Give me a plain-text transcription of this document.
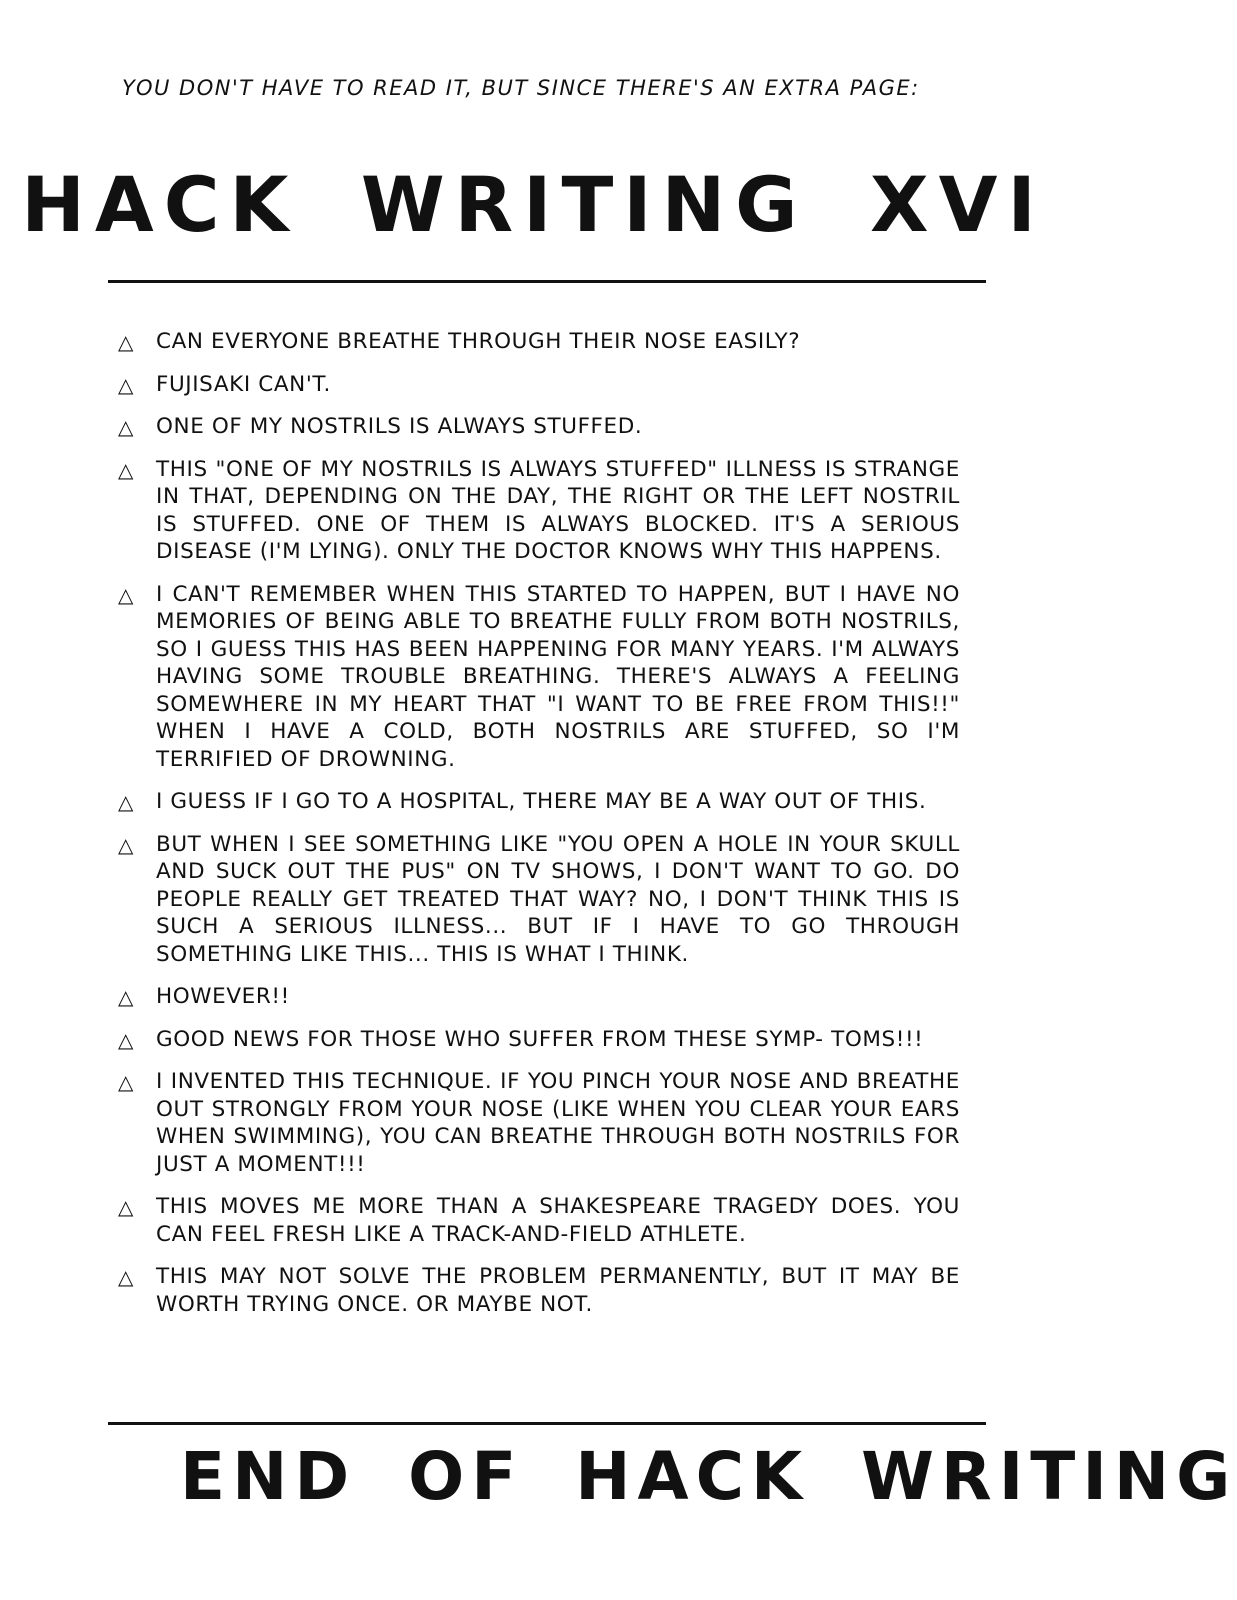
YOU DON'T HAVE TO READ IT, BUT SINCE THERE'S AN EXTRA PAGE:
HACK WRITING XVI
△ CAN EVERYONE BREATHE THROUGH THEIR NOSE EASILY?
△ FUJISAKI CAN'T.
△ ONE OF MY NOSTRILS IS ALWAYS STUFFED.
△ THIS "ONE OF MY NOSTRILS IS ALWAYS STUFFED" ILLNESS IS STRANGE IN THAT, DEPENDING ON THE DAY, THE RIGHT OR THE LEFT NOSTRIL IS STUFFED. ONE OF THEM IS ALWAYS BLOCKED. IT'S A SERIOUS DISEASE (I'M LYING). ONLY THE DOCTOR KNOWS WHY THIS HAPPENS.
△ I CAN'T REMEMBER WHEN THIS STARTED TO HAPPEN, BUT I HAVE NO MEMORIES OF BEING ABLE TO BREATHE FULLY FROM BOTH NOSTRILS, SO I GUESS THIS HAS BEEN HAPPENING FOR MANY YEARS. I'M ALWAYS HAVING SOME TROUBLE BREATHING. THERE'S ALWAYS A FEELING SOMEWHERE IN MY HEART THAT "I WANT TO BE FREE FROM THIS!!" WHEN I HAVE A COLD, BOTH NOSTRILS ARE STUFFED, SO I'M TERRIFIED OF DROWNING.
△ I GUESS IF I GO TO A HOSPITAL, THERE MAY BE A WAY OUT OF THIS.
△ BUT WHEN I SEE SOMETHING LIKE "YOU OPEN A HOLE IN YOUR SKULL AND SUCK OUT THE PUS" ON TV SHOWS, I DON'T WANT TO GO. DO PEOPLE REALLY GET TREATED THAT WAY? NO, I DON'T THINK THIS IS SUCH A SERIOUS ILLNESS... BUT IF I HAVE TO GO THROUGH SOMETHING LIKE THIS... THIS IS WHAT I THINK.
△ HOWEVER!!
△ GOOD NEWS FOR THOSE WHO SUFFER FROM THESE SYMP- TOMS!!!
△ I INVENTED THIS TECHNIQUE. IF YOU PINCH YOUR NOSE AND BREATHE OUT STRONGLY FROM YOUR NOSE (LIKE WHEN YOU CLEAR YOUR EARS WHEN SWIMMING), YOU CAN BREATHE THROUGH BOTH NOSTRILS FOR JUST A MOMENT!!!
△ THIS MOVES ME MORE THAN A SHAKESPEARE TRAGEDY DOES. YOU CAN FEEL FRESH LIKE A TRACK-AND-FIELD ATHLETE.
△ THIS MAY NOT SOLVE THE PROBLEM PERMANENTLY, BUT IT MAY BE WORTH TRYING ONCE. OR MAYBE NOT.
END OF HACK WRITING
